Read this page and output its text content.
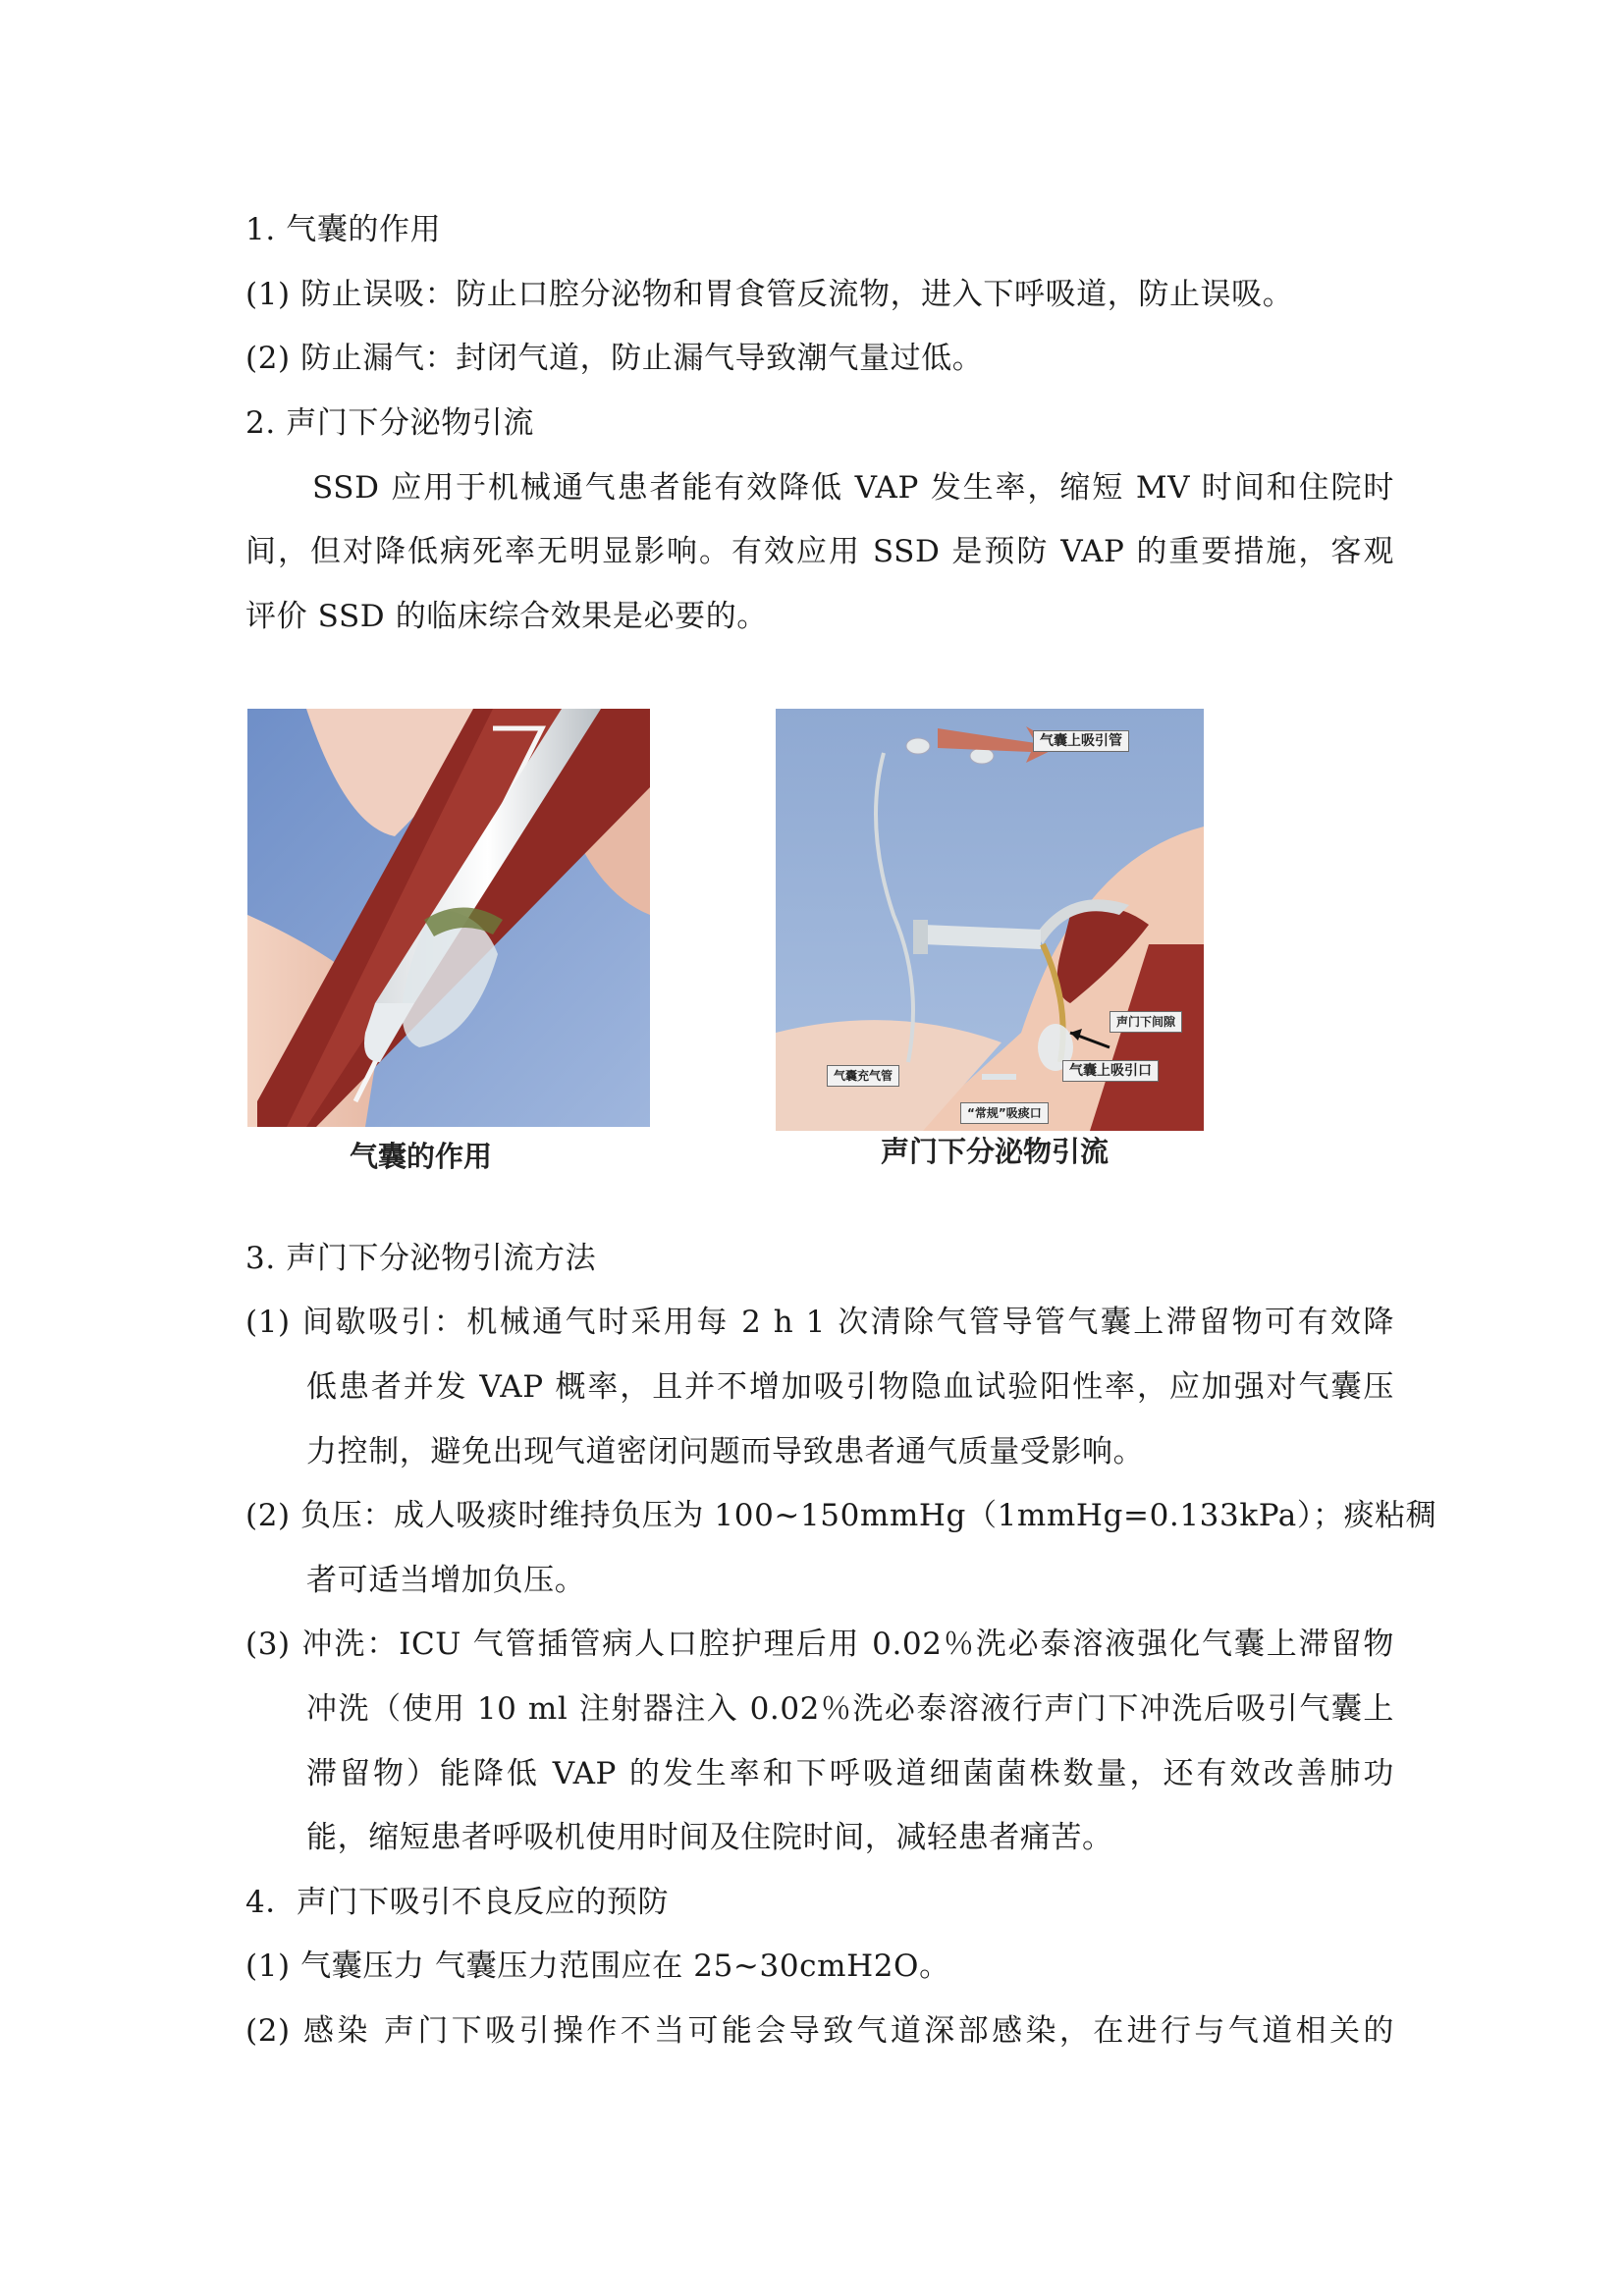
1. 气囊的作用
(1) 防止误吸：防止口腔分泌物和胃食管反流物，进入下呼吸道，防止误吸。
(2) 防止漏气：封闭气道，防止漏气导致潮气量过低。
2. 声门下分泌物引流
SSD 应用于机械通气患者能有效降低 VAP 发生率，缩短 MV 时间和住院时
间，但对降低病死率无明显影响。有效应用 SSD 是预防 VAP 的重要措施，客观
评价 SSD 的临床综合效果是必要的。
气囊的作用
气囊上吸引管
声门下间隙
气囊上吸引口
气囊充气管
“常规”吸痰口
声门下分泌物引流
3. 声门下分泌物引流方法
(1) 间歇吸引：机械通气时采用每 2 h 1 次清除气管导管气囊上滞留物可有效降
低患者并发 VAP 概率，且并不增加吸引物隐血试验阳性率，应加强对气囊压
力控制，避免出现气道密闭问题而导致患者通气质量受影响。
(2) 负压：成人吸痰时维持负压为 100~150mmHg（1mmHg=0.133kPa）；痰粘稠
者可适当增加负压。
(3) 冲洗：ICU 气管插管病人口腔护理后用 0.02％洗必泰溶液强化气囊上滞留物
冲洗（使用 10 ml 注射器注入 0.02％洗必泰溶液行声门下冲洗后吸引气囊上
滞留物）能降低 VAP 的发生率和下呼吸道细菌菌株数量，还有效改善肺功
能，缩短患者呼吸机使用时间及住院时间，减轻患者痛苦。
4．声门下吸引不良反应的预防
(1) 气囊压力 气囊压力范围应在 25~30cmH2O。
(2) 感染 声门下吸引操作不当可能会导致气道深部感染，在进行与气道相关的
